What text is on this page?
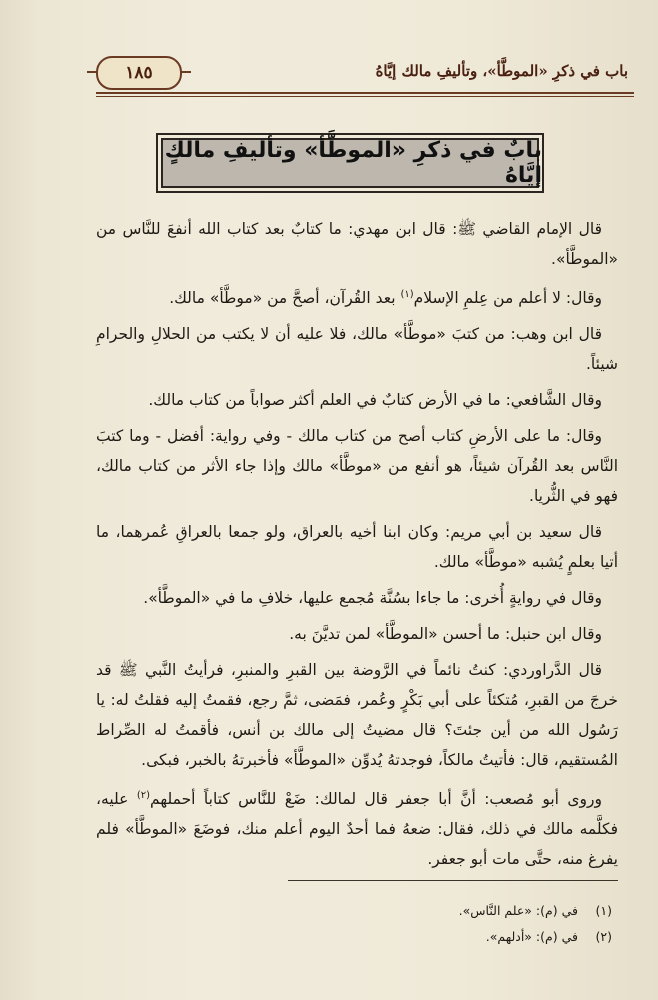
باب في ذكرِ «الموطَّأ»، وتأليفِ مالك إيَّاهُ
١٨٥
بابٌ في ذكرِ «الموطَّأ» وتأليفِ مالكٍ إيَّاهُ

قال الإمام القاضي ﷺ: قال ابن مهدي: ما كتابٌ بعد كتاب الله أنفعَ للنَّاس من «الموطَّأ».

وقال: لا أعلم من عِلمِ الإسلام$^{(١)}$ بعد القُرآن، أصحَّ من «موطَّأ» مالك.

قال ابن وهب: من كتبَ «موطَّأ» مالك، فلا عليه أن لا يكتب من الحلالِ والحرامِ شيئاً.

وقال الشَّافعي: ما في الأرض كتابٌ في العلم أكثر صواباً من كتاب مالك.

وقال: ما على الأرضِ كتاب أصح من كتاب مالك - وفي رواية: أفضل - وما كتبَ النَّاس بعد القُرآن شيئاً، هو أنفع من «موطَّأ» مالك وإذا جاء الأثر من كتاب مالك، فهو في الثُّريا.

قال سعيد بن أبي مريم: وكان ابنا أخيه بالعراق، ولو جمعا بالعراقِ عُمرهما، ما أتيا بعلمٍ يُشبه «موطَّأ» مالك.

وقال في روايةٍ أُخرى: ما جاءا بسُنَّة مُجمع عليها، خلافِ ما في «الموطَّأ».

وقال ابن حنبل: ما أحسن «الموطَّأ» لمن تديَّنَ به.

قال الدَّراوردي: كنتُ نائماً في الرَّوضة بين القبرِ والمنبرِ، فرأيتُ النَّبي ﷺ قد خرجَ من القبرِ، مُتكئاً على أبي بَكْرٍ وعُمر، فمَضى، ثمَّ رجع، فقمتُ إليه فقلتُ له: يا رَسُول الله من أين جئتَ؟ قال مضيتُ إلى مالك بن أنس، فأقمتُ له الصِّراط المُستقيم، قال: فأتيتُ مالكاً، فوجدتهُ يُدوِّن «الموطَّأ» فأخبرتهُ بالخبر، فبكى.

وروى أبو مُصعب: أنَّ أبا جعفر قال لمالك: ضَعْ للنَّاس كتاباً أحملهم$^{(٢)}$ عليه، فكلَّمه مالك في ذلك، فقال: ضعهُ فما أحدٌ اليوم أعلم منك، فوضَعَ «الموطَّأ» فلم يفرغ منه، حتَّى مات أبو جعفر.

(١)في (م): «علم النَّاس».

(٢)في (م): «أدلهم».
